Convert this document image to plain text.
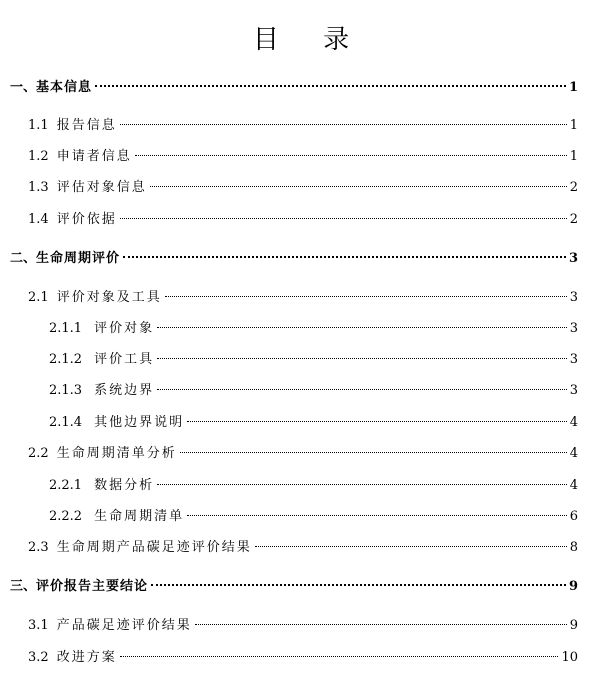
目 录
一、 基本信息	1
1.1 报告信息	1
1.2 申请者信息	1
1.3 评估对象信息	2
1.4 评价依据	2
二、 生命周期评价	3
2.1 评价对象及工具	3
2.1.1 评价对象	3
2.1.2 评价工具	3
2.1.3 系统边界	3
2.1.4 其他边界说明	4
2.2 生命周期清单分析	4
2.2.1 数据分析	4
2.2.2 生命周期清单	6
2.3 生命周期产品碳足迹评价结果	8
三、 评价报告主要结论	9
3.1 产品碳足迹评价结果	9
3.2 改进方案	10
